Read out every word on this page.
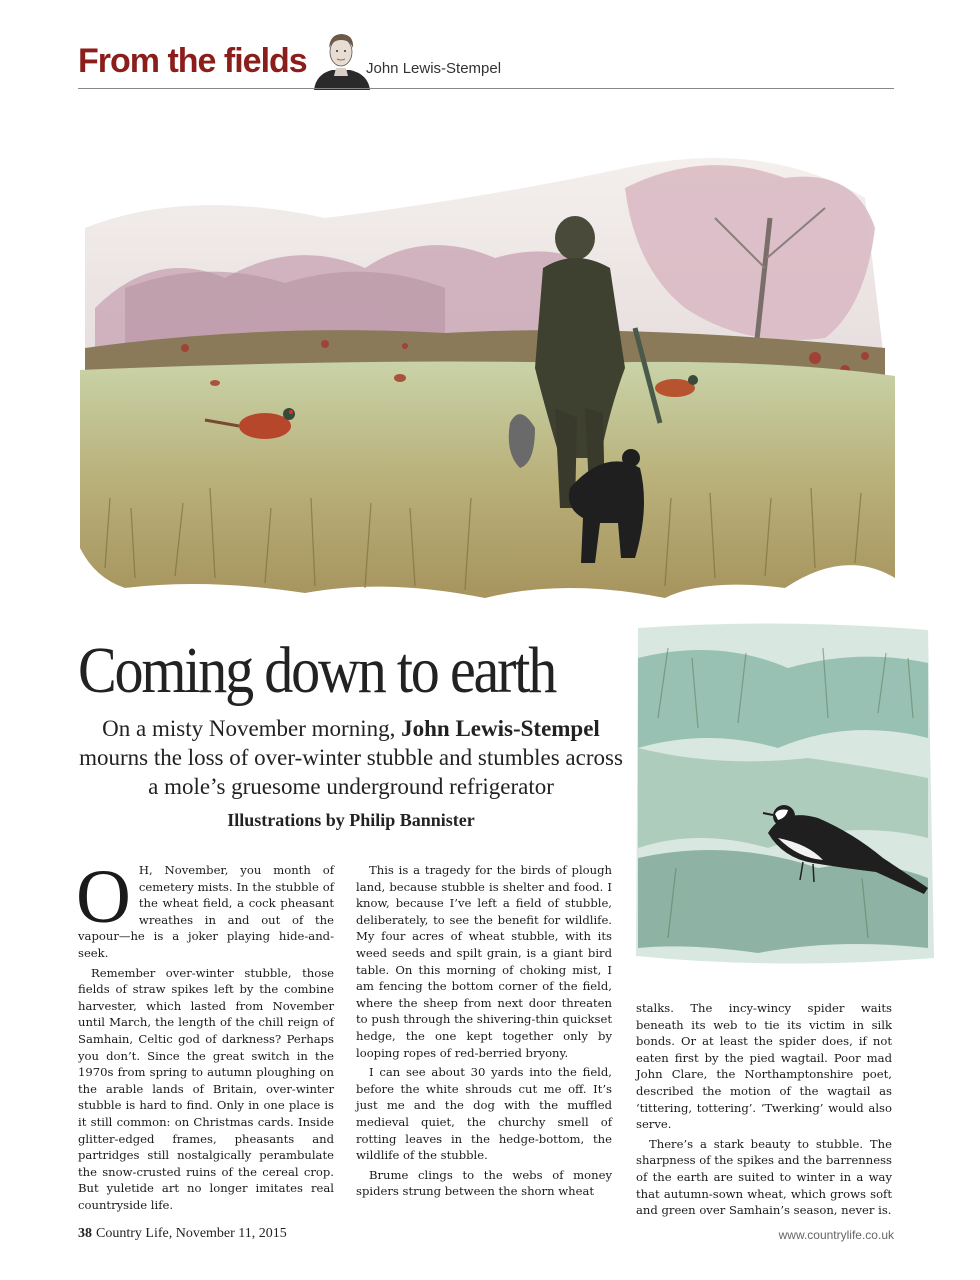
From the fields	John Lewis-Stempel
Coming down to earth
On a misty November morning, John Lewis-Stempel mourns the loss of over-winter stubble and stumbles across a mole’s gruesome underground refrigerator
Illustrations by Philip Bannister

O H, November, you month of cemetery mists. In the stubble of the wheat field, a cock pheasant wreathes in and out of the vapour—he is a joker playing hide-and-seek.

Remember over-winter stubble, those fields of straw spikes left by the combine harvester, which lasted from November until March, the length of the chill reign of Samhain, Celtic god of darkness? Perhaps you don’t. Since the great switch in the 1970s from spring to autumn ploughing on the arable lands of Britain, over-winter stubble is hard to find. Only in one place is it still common: on Christmas cards. Inside glitter-edged frames, pheasants and partridges still nostalgically perambulate the snow-crusted ruins of the cereal crop. But yuletide art no longer imitates real countryside life.

This is a tragedy for the birds of plough land, because stubble is shelter and food. I know, because I’ve left a field of stubble, deliberately, to see the benefit for wildlife. My four acres of wheat stubble, with its weed seeds and spilt grain, is a giant bird table. On this morning of choking mist, I am fencing the bottom corner of the field, where the sheep from next door threaten to push through the shivering-thin quickset hedge, the one kept together only by looping ropes of red-berried bryony.

I can see about 30 yards into the field, before the white shrouds cut me off. It’s just me and the dog with the muffled medieval quiet, the churchy smell of rotting leaves in the hedge-bottom, the wildlife of the stubble.

Brume clings to the webs of money spiders strung between the shorn wheat

stalks. The incy-wincy spider waits beneath its web to tie its victim in silk bonds. Or at least the spider does, if not eaten first by the pied wagtail. Poor mad John Clare, the Northamptonshire poet, described the motion of the wagtail as ‘tittering, tottering’. ‘Twerking’ would also serve.

There’s a stark beauty to stubble. The sharpness of the spikes and the barrenness of the earth are suited to winter in a way that autumn-sown wheat, which grows soft and green over Samhain’s season, never is.

38 Country Life, November 11, 2015	www.countrylife.co.uk
